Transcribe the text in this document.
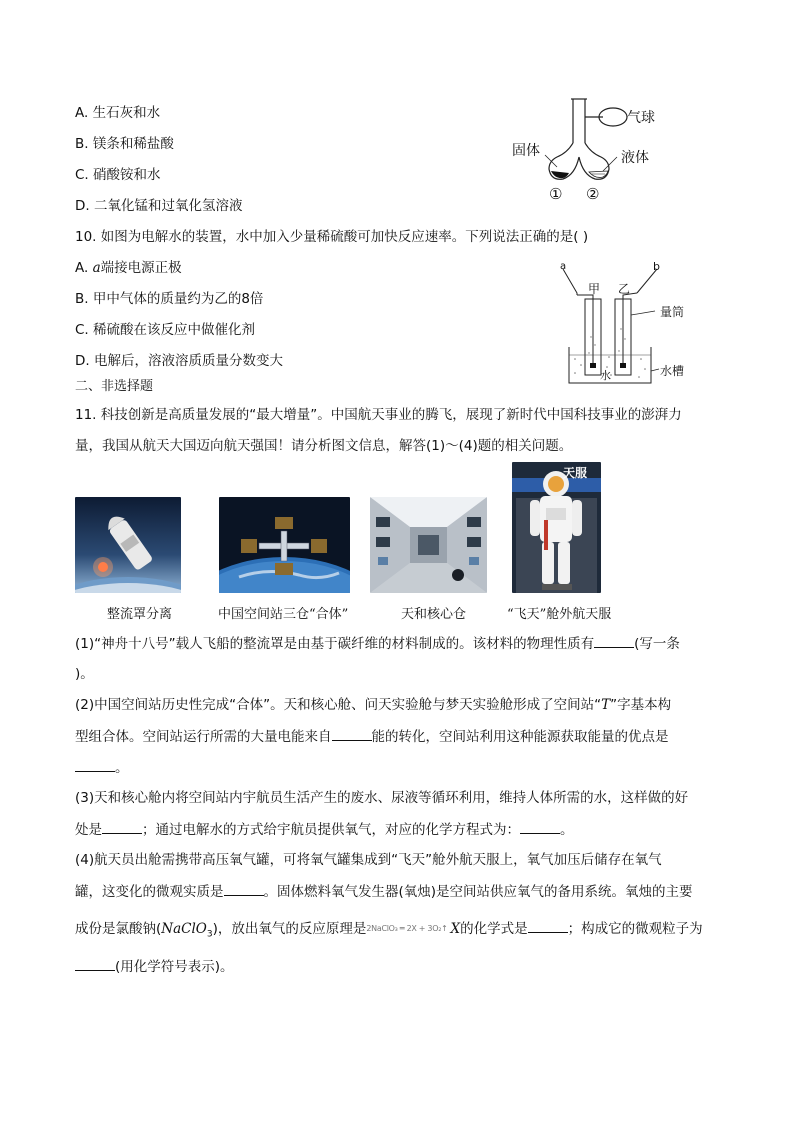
A. 生石灰和水
B. 镁条和稀盐酸
C. 硝酸铵和水
D. 二氧化锰和过氧化氢溶液
气球
固体	液体
① ②
10. 如图为电解水的装置，水中加入少量稀硫酸可加快反应速率。下列说法正确的是( )
A. a端接电源正极
B. 甲中气体的质量约为乙的8倍
C. 稀硫酸在该反应中做催化剂
D. 电解后，溶液溶质质量分数变大
a	b
甲 乙
量筒
水	水槽
二、非选择题
11. 科技创新是高质量发展的“最大增量”。中国航天事业的腾飞，展现了新时代中国科技事业的澎湃力
量，我国从航天大国迈向航天强国！请分析图文信息，解答(1)～(4)题的相关问题。
天服
整流罩分离	中国空间站三仓“合体”	天和核心仓	“飞天”舱外航天服
(1)“神舟十八号”载人飞船的整流罩是由基于碳纤维的材料制成的。该材料的物理性质有	(写一条
)。
(2)中国空间站历史性完成“合体”。天和核心舱、问天实验舱与梦天实验舱形成了空间站“T”字基本构
型组合体。空间站运行所需的大量电能来自	能的转化，空间站利用这种能源获取能量的优点是
。
(3)天和核心舱内将空间站内宇航员生活产生的废水、尿液等循环利用，维持人体所需的水，这样做的好
处是	；通过电解水的方式给宇航员提供氧气，对应的化学方程式为：	。
(4)航天员出舱需携带高压氧气罐，可将氧气罐集成到“飞天”舱外航天服上，氧气加压后储存在氧气
罐，这变化的微观实质是	。固体燃料氧气发生器(氧烛)是空间站供应氧气的备用系统。氧烛的主要
成份是氯酸钠(NaClO$_3$)，放出氧气的反应原理是2NaClO₃ ═ 2X + 3O₂↑ X的化学式是	；构成它的微观粒子为
(用化学符号表示)。
